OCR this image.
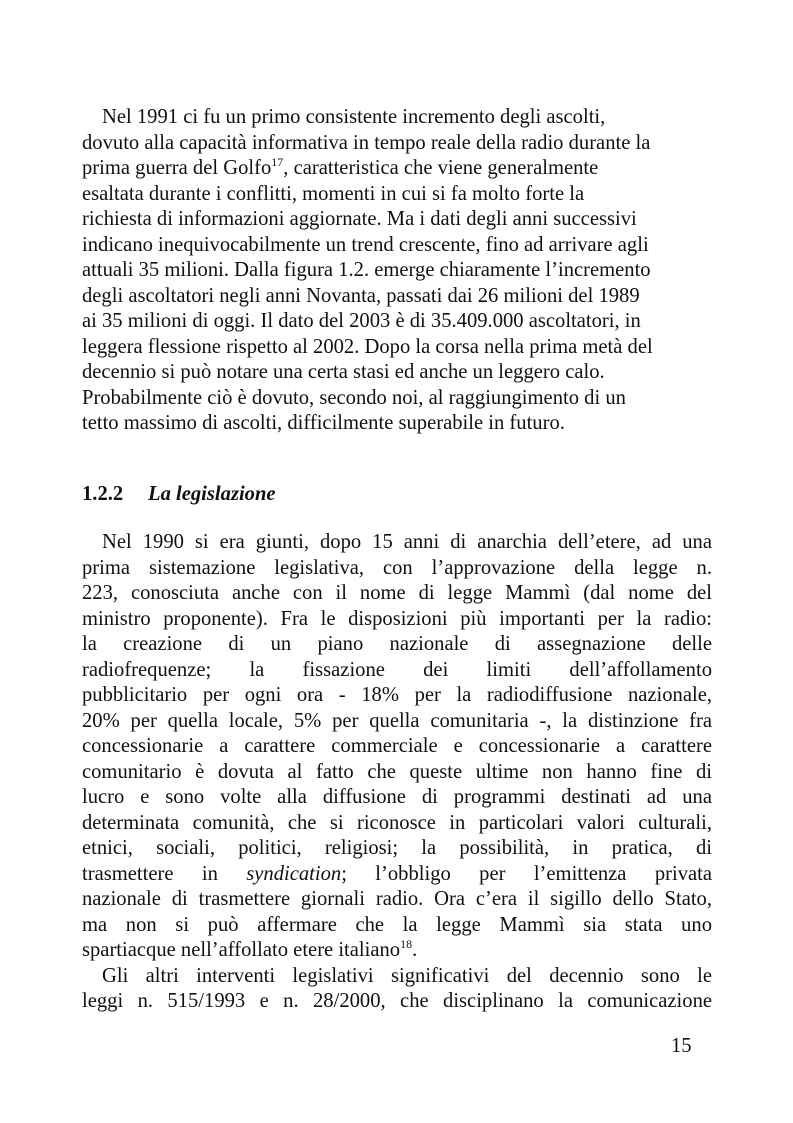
Nel 1991 ci fu un primo consistente incremento degli ascolti,
dovuto alla capacità informativa in tempo reale della radio durante la
prima guerra del Golfo$^{17}$, caratteristica che viene generalmente
esaltata durante i conflitti, momenti in cui si fa molto forte la
richiesta di informazioni aggiornate. Ma i dati degli anni successivi
indicano inequivocabilmente un trend crescente, fino ad arrivare agli
attuali 35 milioni. Dalla figura 1.2. emerge chiaramente l’incremento
degli ascoltatori negli anni Novanta, passati dai 26 milioni del 1989
ai 35 milioni di oggi. Il dato del 2003 è di 35.409.000 ascoltatori, in
leggera flessione rispetto al 2002. Dopo la corsa nella prima metà del
decennio si può notare una certa stasi ed anche un leggero calo.
Probabilmente ciò è dovuto, secondo noi, al raggiungimento di un
tetto massimo di ascolti, difficilmente superabile in futuro.

1.2.2 La legislazione

Nel 1990 si era giunti, dopo 15 anni di anarchia dell’etere, ad una
prima sistemazione legislativa, con l’approvazione della legge n.
223, conosciuta anche con il nome di legge Mammì (dal nome del
ministro proponente). Fra le disposizioni più importanti per la radio:
la creazione di un piano nazionale di assegnazione delle
radiofrequenze; la fissazione dei limiti dell’affollamento
pubblicitario per ogni ora - 18% per la radiodiffusione nazionale,
20% per quella locale, 5% per quella comunitaria -, la distinzione fra
concessionarie a carattere commerciale e concessionarie a carattere
comunitario è dovuta al fatto che queste ultime non hanno fine di
lucro e sono volte alla diffusione di programmi destinati ad una
determinata comunità, che si riconosce in particolari valori culturali,
etnici, sociali, politici, religiosi; la possibilità, in pratica, di
trasmettere in syndication; l’obbligo per l’emittenza privata
nazionale di trasmettere giornali radio. Ora c’era il sigillo dello Stato,
ma non si può affermare che la legge Mammì sia stata uno
spartiacque nell’affollato etere italiano$^{18}$.

Gli altri interventi legislativi significativi del decennio sono le
leggi n. 515/1993 e n. 28/2000, che disciplinano la comunicazione

15
